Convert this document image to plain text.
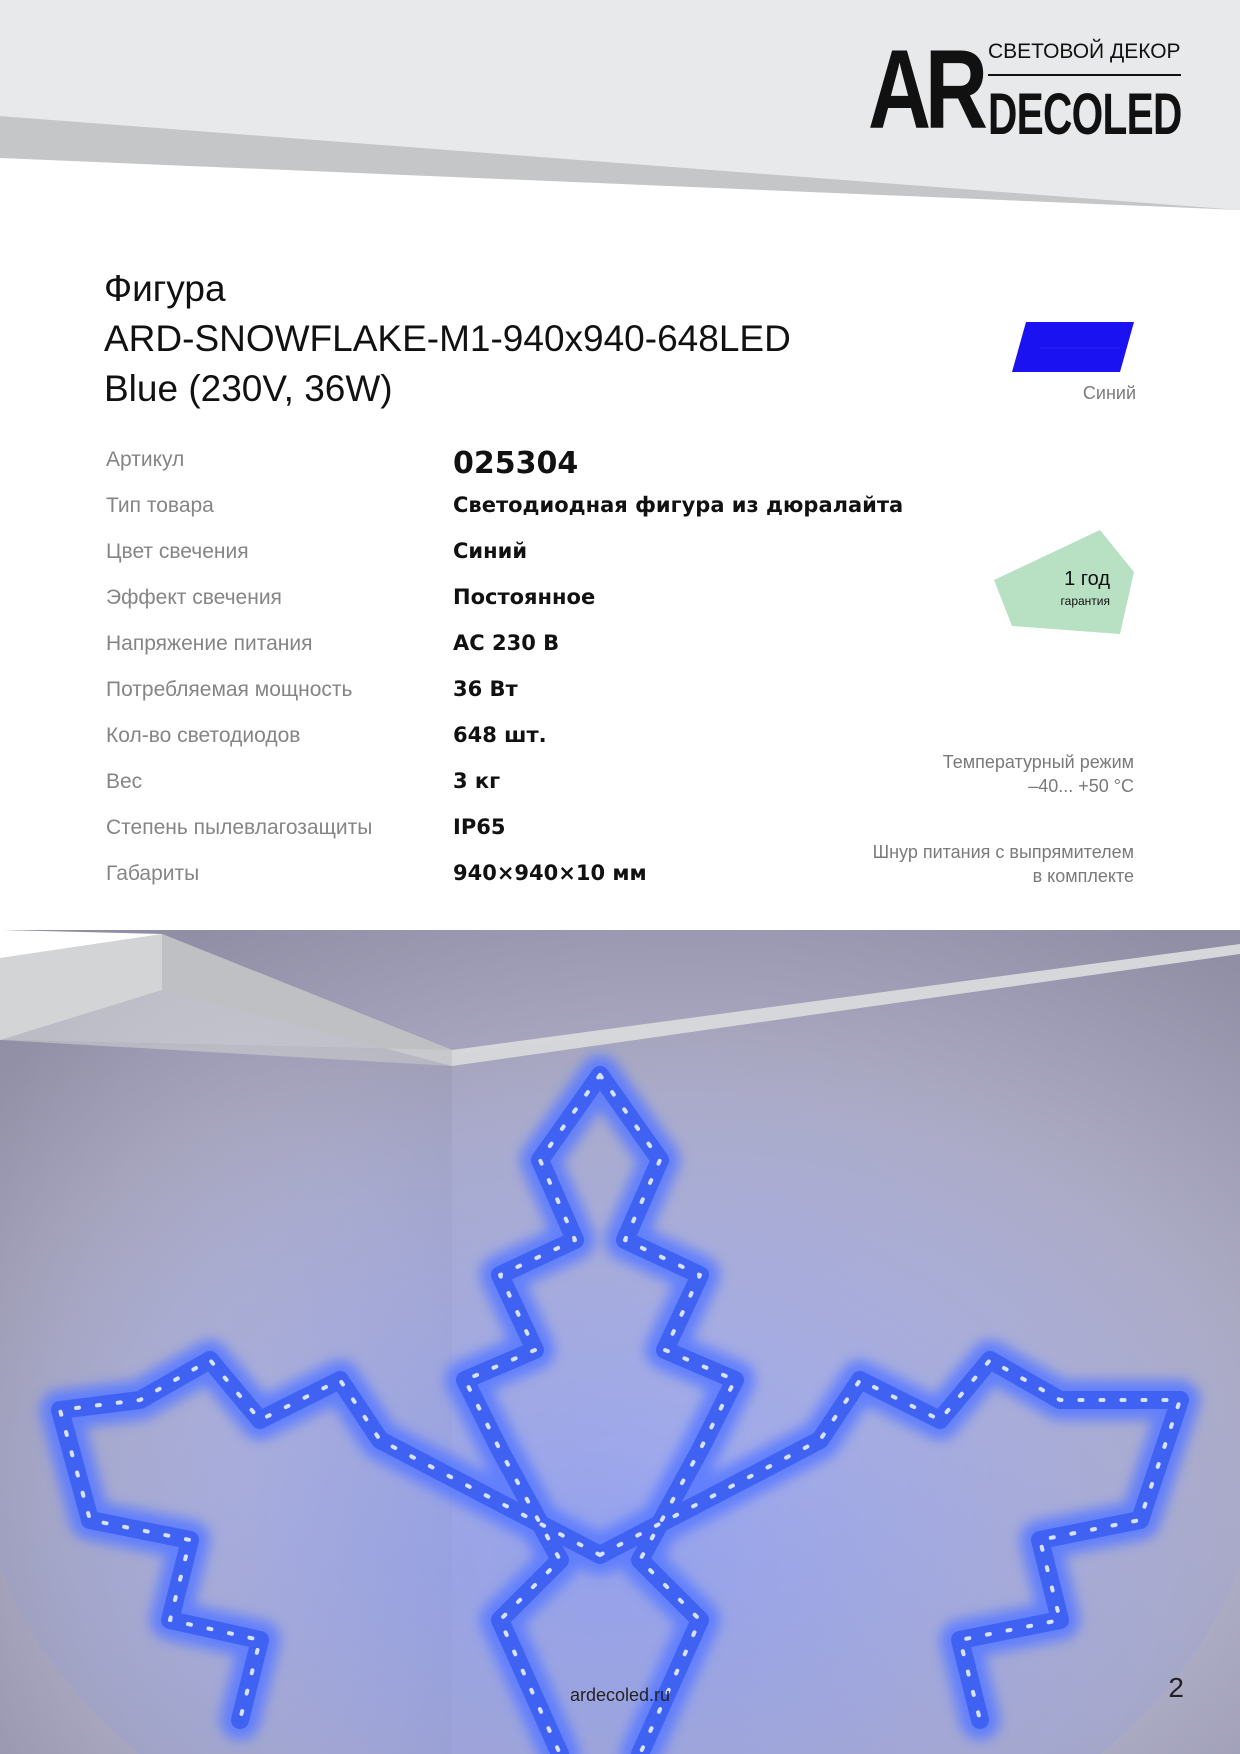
AR СВЕТОВОЙ ДЕКОР
DECOLED
Фигура
ARD-SNOWFLAKE-M1-940x940-648LED
Blue (230V, 36W)	Синий
Артикул	025304
Тип товара	Светодиодная фигура из дюралайта
Цвет свечения	Синий
Эффект свечения	Постоянное
Напряжение питания	AC 230 В
Потребляемая мощность	36 Вт
Кол-во светодиодов	648 шт.
Вес	3 кг
Степень пылевлагозащиты	IP65
Габариты	940×940×10 мм
1 год
гарантия
Температурный режим
–40... +50 °С
Шнур питания с выпрямителем
в комплекте
ardecoled.ru	2
